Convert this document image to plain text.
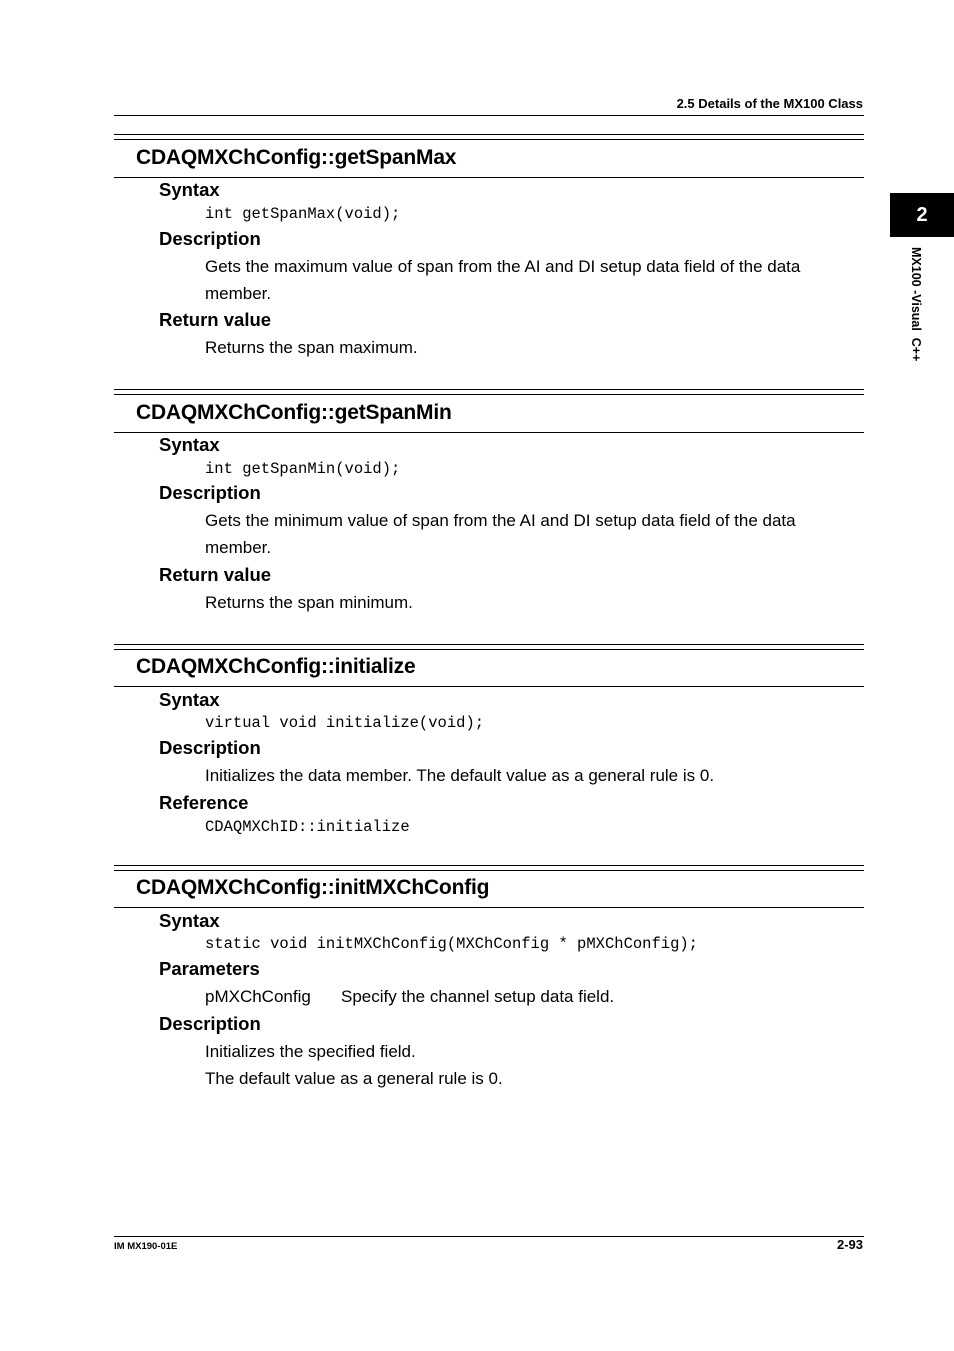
2.5 Details of the MX100 Class
2
MX100 -Visual  C++
CDAQMXChConfig::getSpanMax
Syntax
int getSpanMax(void);
Description
Gets the maximum value of span from the AI and DI setup data field of the data
member.
Return value
Returns the span maximum.
CDAQMXChConfig::getSpanMin
Syntax
int getSpanMin(void);
Description
Gets the minimum value of span from the AI and DI setup data field of the data
member.
Return value
Returns the span minimum.
CDAQMXChConfig::initialize
Syntax
virtual void initialize(void);
Description
Initializes the data member. The default value as a general rule is 0.
Reference
CDAQMXChID::initialize
CDAQMXChConfig::initMXChConfig
Syntax
static void initMXChConfig(MXChConfig * pMXChConfig);
Parameters
pMXChConfig	Specify the channel setup data field.
Description
Initializes the specified field.
The default value as a general rule is 0.
IM MX190-01E	2-93
